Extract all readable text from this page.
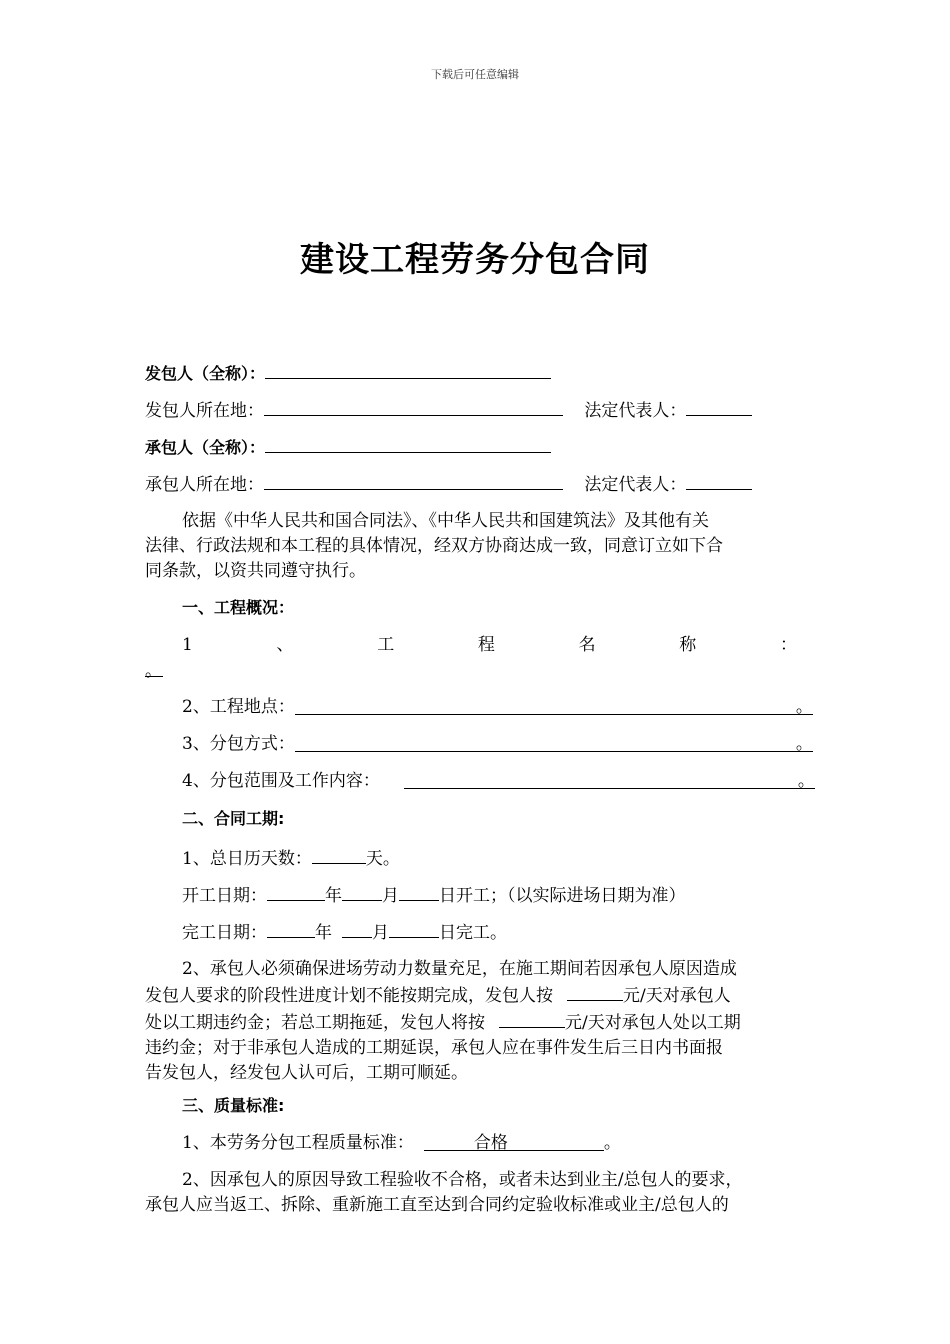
下载后可任意编辑
建设工程劳务分包合同
发包人（全称）：
发包人所在地：	法定代表人：
承包人（全称）：
承包人所在地：	法定代表人：
依据《中华人民共和国合同法》、《中华人民共和国建筑法》及其他有关
法律、行政法规和本工程的具体情况，经双方协商达成一致，同意订立如下合
同条款，以资共同遵守执行。
一、工程概况：
1	、	工	程	名	称	：
。
2、工程地点：	。
3、分包方式：	。
4、分包范围及工作内容：	。
二、合同工期:
1、总日历天数：	天。
开工日期：	年 月 日开工；（以实际进场日期为准）
完工日期：	年 月	日完工。
2、承包人必须确保进场劳动力数量充足，在施工期间若因承包人原因造成
发包人要求的阶段性进度计划不能按期完成，发包人按	元/天对承包人
处以工期违约金；若总工期拖延，发包人将按	元/天对承包人处以工期
违约金；对于非承包人造成的工期延误，承包人应在事件发生后三日内书面报
告发包人，经发包人认可后，工期可顺延。
三、质量标准:
1、本劳务分包工程质量标准：	合格	。
2、因承包人的原因导致工程验收不合格，或者未达到业主/总包人的要求，
承包人应当返工、拆除、重新施工直至达到合同约定验收标准或业主/总包人的
